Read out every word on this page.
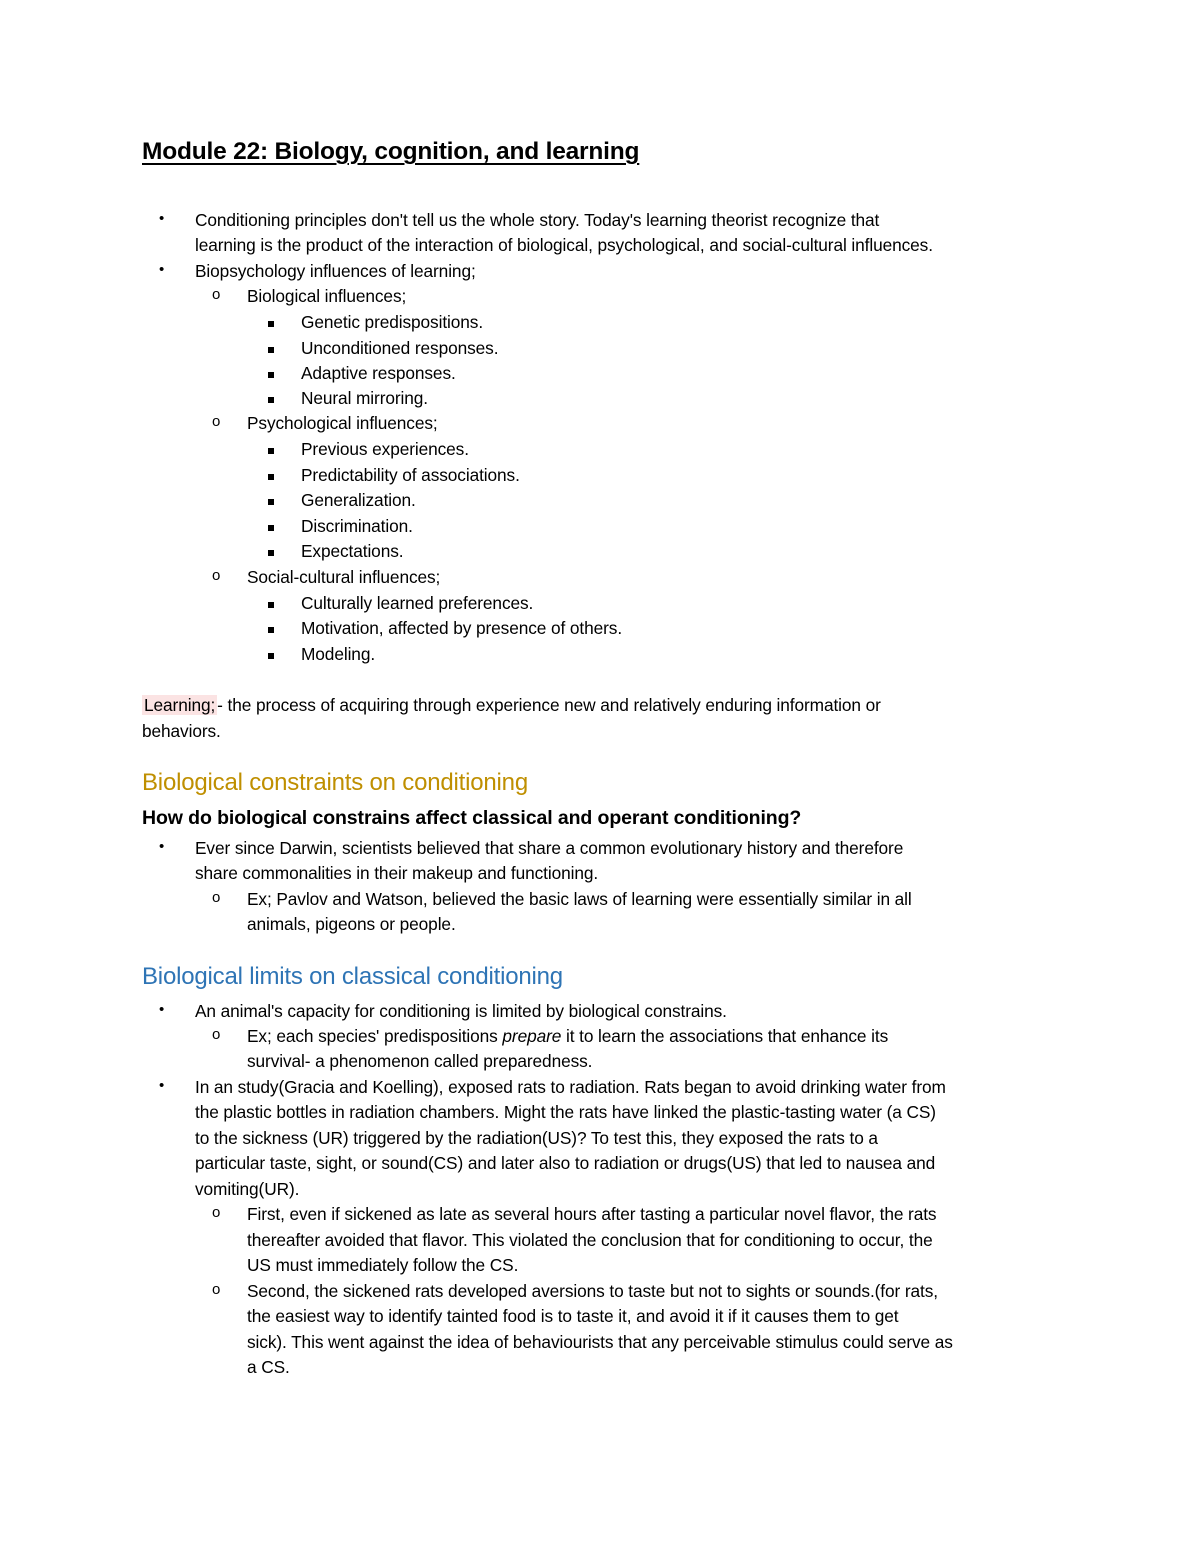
Module 22: Biology, cognition, and learning
• Conditioning principles don't tell us the whole story. Today's learning theorist recognize that
learning is the product of the interaction of biological, psychological, and social-cultural influences.
• Biopsychology influences of learning;
o Biological influences;
Genetic predispositions.
Unconditioned responses.
Adaptive responses.
Neural mirroring.
o Psychological influences;
Previous experiences.
Predictability of associations.
Generalization.
Discrimination.
Expectations.
o Social-cultural influences;
Culturally learned preferences.
Motivation, affected by presence of others.
Modeling.
Learning; - the process of acquiring through experience new and relatively enduring information or
behaviors.
Biological constraints on conditioning
How do biological constrains affect classical and operant conditioning?
• Ever since Darwin, scientists believed that share a common evolutionary history and therefore
share commonalities in their makeup and functioning.
o Ex; Pavlov and Watson, believed the basic laws of learning were essentially similar in all
animals, pigeons or people.
Biological limits on classical conditioning
• An animal's capacity for conditioning is limited by biological constrains.
o Ex; each species' predispositions prepare it to learn the associations that enhance its
survival- a phenomenon called preparedness.
• In an study(Gracia and Koelling), exposed rats to radiation. Rats began to avoid drinking water from
the plastic bottles in radiation chambers. Might the rats have linked the plastic-tasting water (a CS)
to the sickness (UR) triggered by the radiation(US)? To test this, they exposed the rats to a
particular taste, sight, or sound(CS) and later also to radiation or drugs(US) that led to nausea and
vomiting(UR).
o First, even if sickened as late as several hours after tasting a particular novel flavor, the rats
thereafter avoided that flavor. This violated the conclusion that for conditioning to occur, the
US must immediately follow the CS.
o Second, the sickened rats developed aversions to taste but not to sights or sounds.(for rats,
the easiest way to identify tainted food is to taste it, and avoid it if it causes them to get
sick). This went against the idea of behaviourists that any perceivable stimulus could serve as
a CS.
